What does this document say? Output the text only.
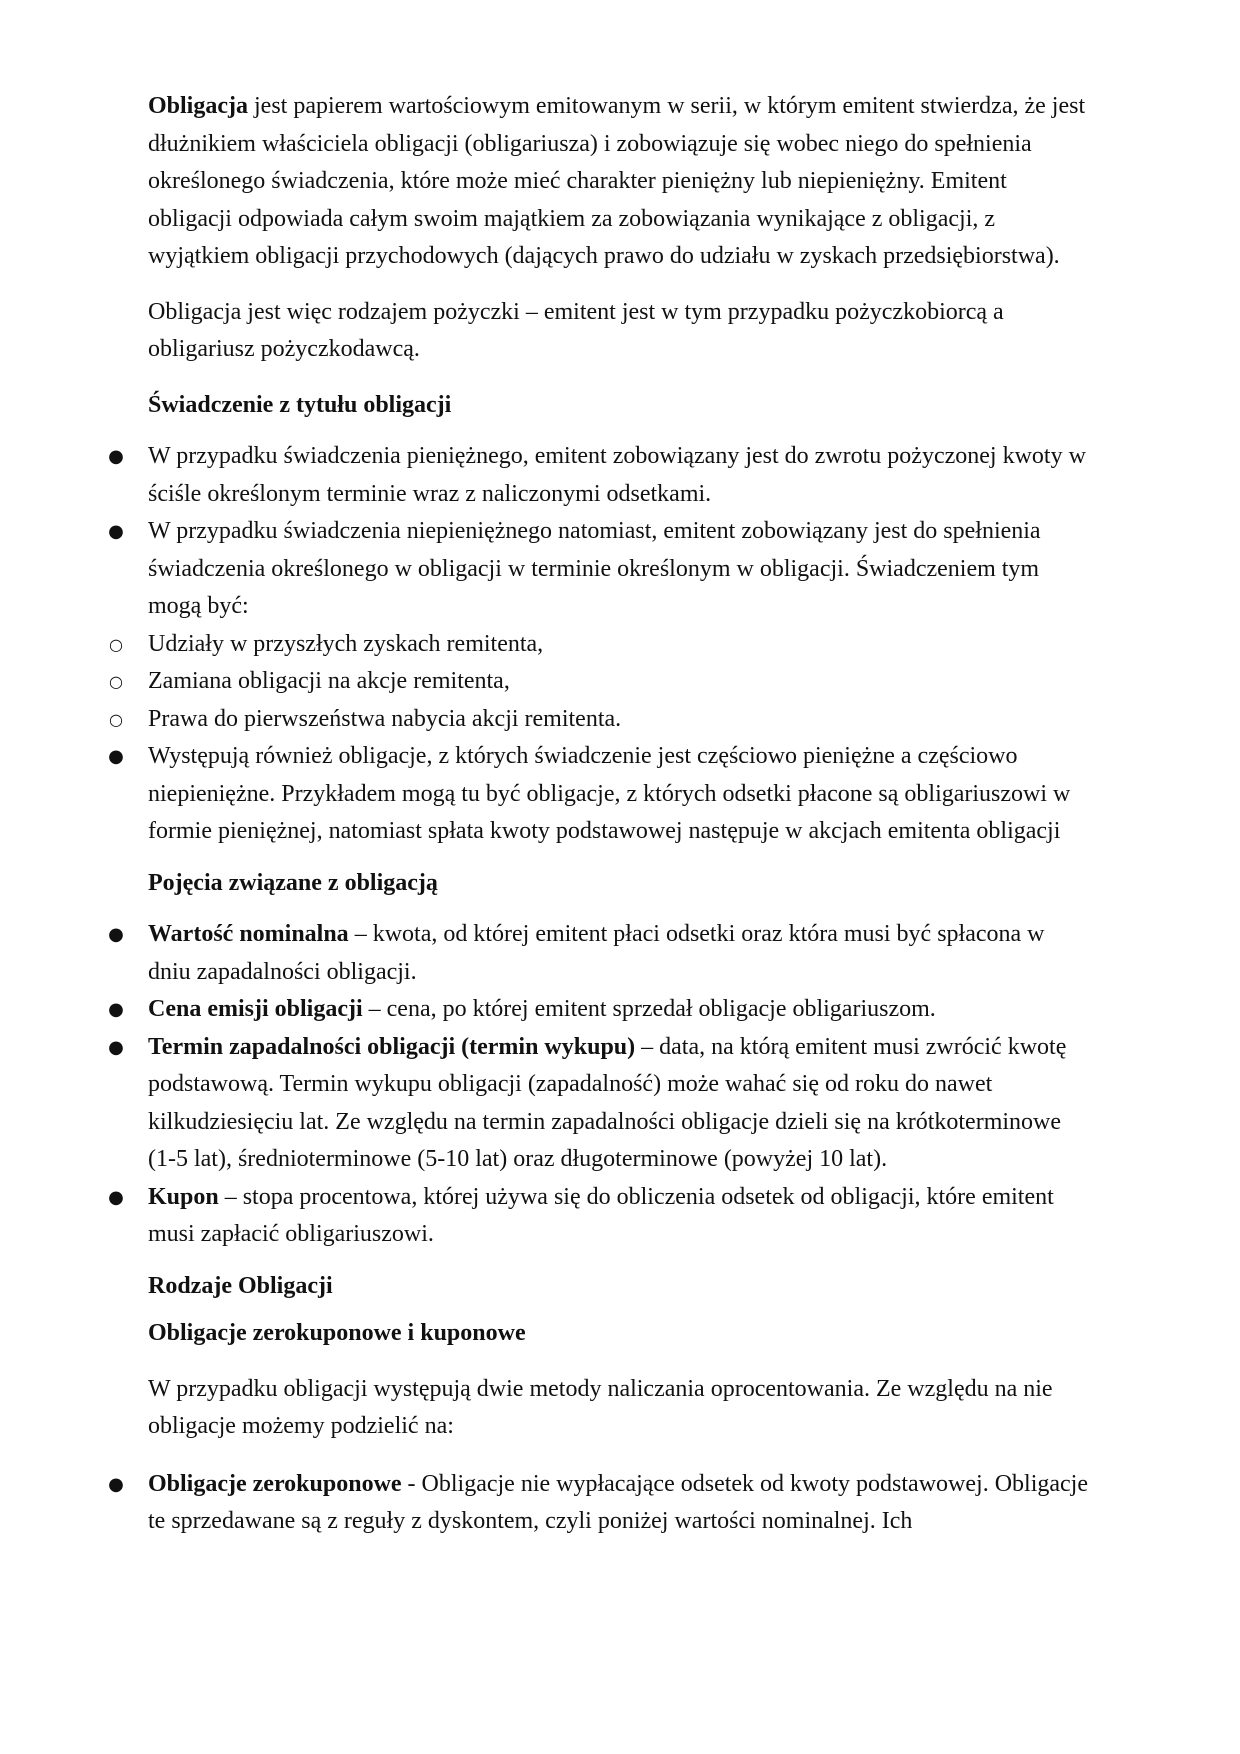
Obligacja jest papierem wartościowym emitowanym w serii, w którym emitent stwierdza, że jest dłużnikiem właściciela obligacji (obligariusza) i zobowiązuje się wobec niego do spełnienia określonego świadczenia, które może mieć charakter pieniężny lub niepieniężny. Emitent obligacji odpowiada całym swoim majątkiem za zobowiązania wynikające z obligacji, z wyjątkiem obligacji przychodowych (dających prawo do udziału w zyskach przedsiębiorstwa).

Obligacja jest więc rodzajem pożyczki – emitent jest w tym przypadku pożyczkobiorcą a obligariusz pożyczkodawcą.

Świadczenie z tytułu obligacji
● W przypadku świadczenia pieniężnego, emitent zobowiązany jest do zwrotu pożyczonej kwoty w ściśle określonym terminie wraz z naliczonymi odsetkami.
● W przypadku świadczenia niepieniężnego natomiast, emitent zobowiązany jest do spełnienia świadczenia określonego w obligacji w terminie określonym w obligacji. Świadczeniem tym mogą być:
○ Udziały w przyszłych zyskach remitenta,
○ Zamiana obligacji na akcje remitenta,
○ Prawa do pierwszeństwa nabycia akcji remitenta.
● Występują również obligacje, z których świadczenie jest częściowo pieniężne a częściowo niepieniężne. Przykładem mogą tu być obligacje, z których odsetki płacone są obligariuszowi w formie pieniężnej, natomiast spłata kwoty podstawowej następuje w akcjach emitenta obligacji
Pojęcia związane z obligacją
● Wartość nominalna – kwota, od której emitent płaci odsetki oraz która musi być spłacona w dniu zapadalności obligacji.
● Cena emisji obligacji – cena, po której emitent sprzedał obligacje obligariuszom.
● Termin zapadalności obligacji (termin wykupu) – data, na którą emitent musi zwrócić kwotę podstawową. Termin wykupu obligacji (zapadalność) może wahać się od roku do nawet kilkudziesięciu lat. Ze względu na termin zapadalności obligacje dzieli się na krótkoterminowe (1-5 lat), średnioterminowe (5-10 lat) oraz długoterminowe (powyżej 10 lat).
● Kupon – stopa procentowa, której używa się do obliczenia odsetek od obligacji, które emitent musi zapłacić obligariuszowi.
Rodzaje Obligacji
Obligacje zerokuponowe i kuponowe

W przypadku obligacji występują dwie metody naliczania oprocentowania. Ze względu na nie obligacje możemy podzielić na:

● Obligacje zerokuponowe - Obligacje nie wypłacające odsetek od kwoty podstawowej. Obligacje te sprzedawane są z reguły z dyskontem, czyli poniżej wartości nominalnej. Ich
